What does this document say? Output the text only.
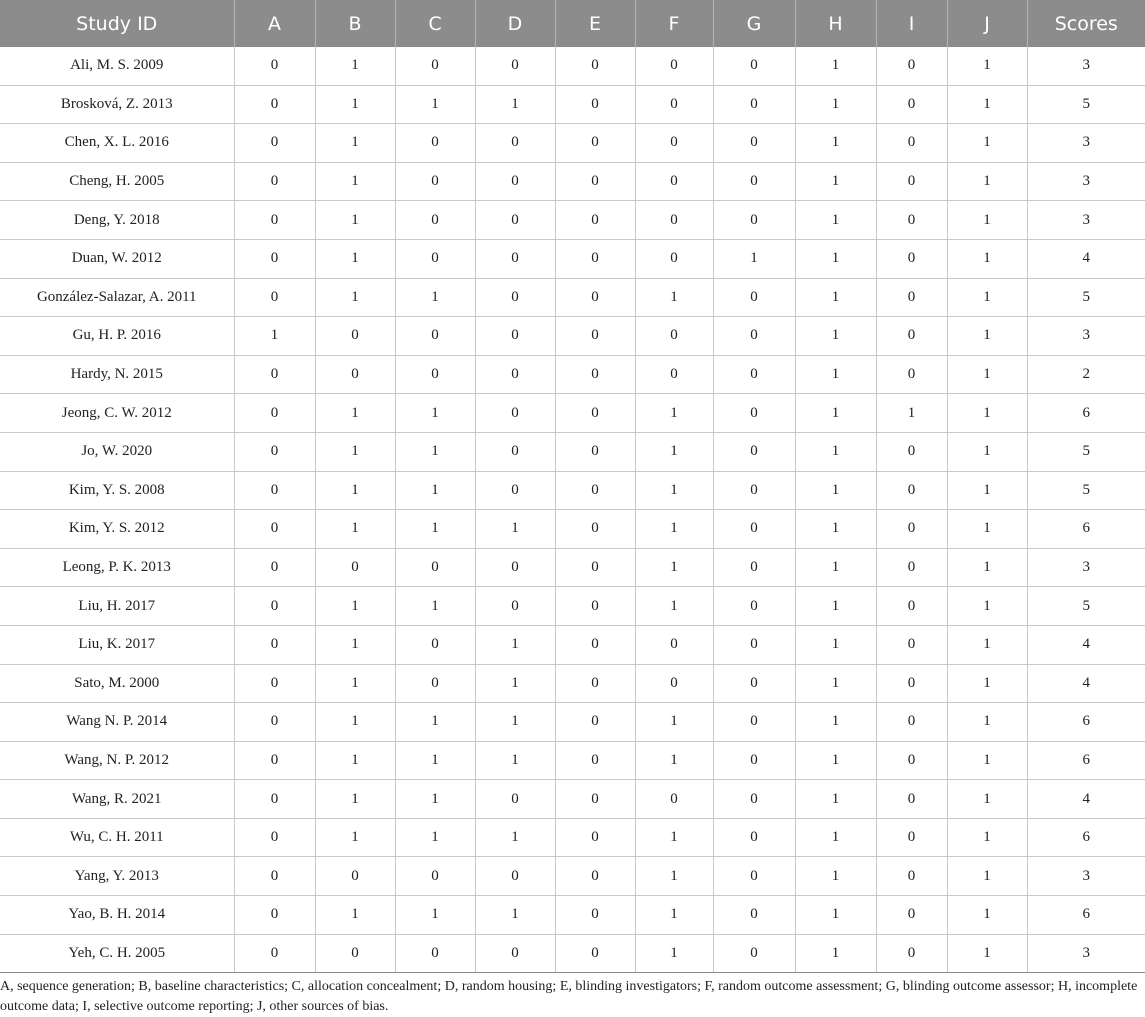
Study ID	A	B	C	D	E	F	G	H	I	J	Scores
Ali, M. S. 2009	0	1	0	0	0	0	0	1	0	1	3
Brosková, Z. 2013	0	1	1	1	0	0	0	1	0	1	5
Chen, X. L. 2016	0	1	0	0	0	0	0	1	0	1	3
Cheng, H. 2005	0	1	0	0	0	0	0	1	0	1	3
Deng, Y. 2018	0	1	0	0	0	0	0	1	0	1	3
Duan, W. 2012	0	1	0	0	0	0	1	1	0	1	4
González-Salazar, A. 2011	0	1	1	0	0	1	0	1	0	1	5
Gu, H. P. 2016	1	0	0	0	0	0	0	1	0	1	3
Hardy, N. 2015	0	0	0	0	0	0	0	1	0	1	2
Jeong, C. W. 2012	0	1	1	0	0	1	0	1	1	1	6
Jo, W. 2020	0	1	1	0	0	1	0	1	0	1	5
Kim, Y. S. 2008	0	1	1	0	0	1	0	1	0	1	5
Kim, Y. S. 2012	0	1	1	1	0	1	0	1	0	1	6
Leong, P. K. 2013	0	0	0	0	0	1	0	1	0	1	3
Liu, H. 2017	0	1	1	0	0	1	0	1	0	1	5
Liu, K. 2017	0	1	0	1	0	0	0	1	0	1	4
Sato, M. 2000	0	1	0	1	0	0	0	1	0	1	4
Wang N. P. 2014	0	1	1	1	0	1	0	1	0	1	6
Wang, N. P. 2012	0	1	1	1	0	1	0	1	0	1	6
Wang, R. 2021	0	1	1	0	0	0	0	1	0	1	4
Wu, C. H. 2011	0	1	1	1	0	1	0	1	0	1	6
Yang, Y. 2013	0	0	0	0	0	1	0	1	0	1	3
Yao, B. H. 2014	0	1	1	1	0	1	0	1	0	1	6
Yeh, C. H. 2005	0	0	0	0	0	1	0	1	0	1	3

A, sequence generation; B, baseline characteristics; C, allocation concealment; D, random housing; E, blinding investigators; F, random outcome assessment; G, blinding outcome assessor; H, incomplete outcome data; I, selective outcome reporting; J, other sources of bias.
